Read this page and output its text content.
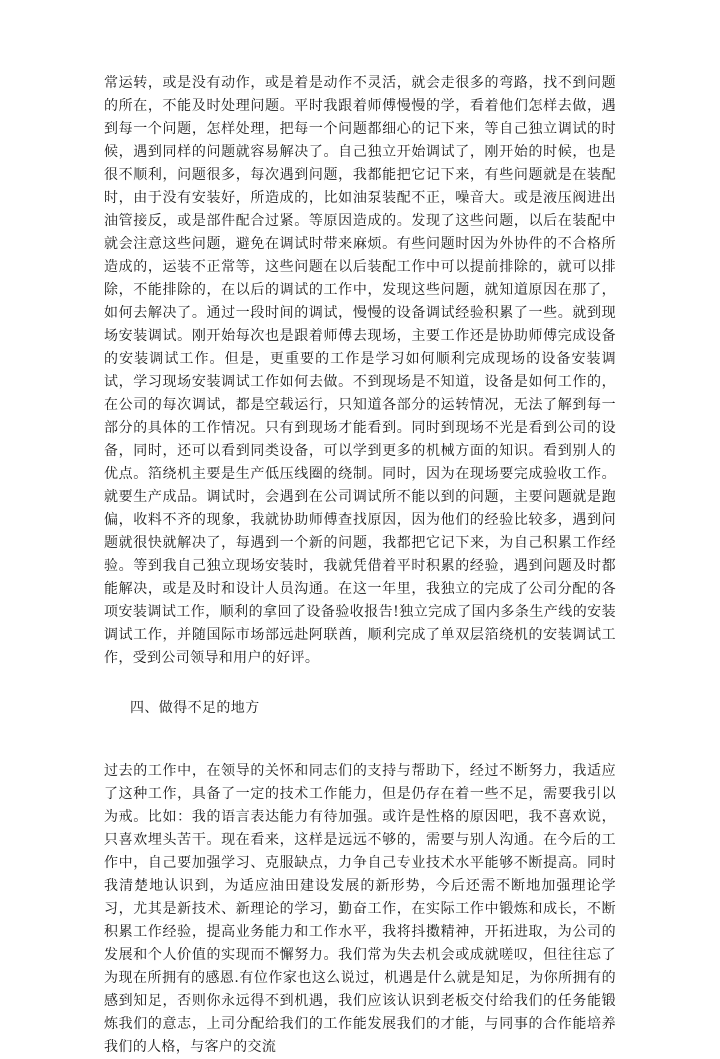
常运转，或是没有动作，或是着是动作不灵活，就会走很多的弯路，找不到问题的所在，不能及时处理问题。平时我跟着师傅慢慢的学，看着他们怎样去做，遇到每一个问题，怎样处理，把每一个问题都细心的记下来，等自己独立调试的时候，遇到同样的问题就容易解决了。自己独立开始调试了，刚开始的时候，也是很不顺利，问题很多，每次遇到问题，我都能把它记下来，有些问题就是在装配时，由于没有安装好，所造成的，比如油泵装配不正，噪音大。或是液压阀进出油管接反，或是部件配合过紧。等原因造成的。发现了这些问题，以后在装配中就会注意这些问题，避免在调试时带来麻烦。有些问题时因为外协件的不合格所造成的，运装不正常等，这些问题在以后装配工作中可以提前排除的，就可以排除，不能排除的，在以后的调试的工作中，发现这些问题，就知道原因在那了，如何去解决了。通过一段时间的调试，慢慢的设备调试经验积累了一些。就到现场安装调试。刚开始每次也是跟着师傅去现场，主要工作还是协助师傅完成设备的安装调试工作。但是，更重要的工作是学习如何顺利完成现场的设备安装调试，学习现场安装调试工作如何去做。不到现场是不知道，设备是如何工作的，在公司的每次调试，都是空载运行，只知道各部分的运转情况，无法了解到每一部分的具体的工作情况。只有到现场才能看到。同时到现场不光是看到公司的设备，同时，还可以看到同类设备，可以学到更多的机械方面的知识。看到别人的优点。箔绕机主要是生产低压线圈的绕制。同时，因为在现场要完成验收工作。就要生产成品。调试时，会遇到在公司调试所不能以到的问题，主要问题就是跑偏，收料不齐的现象，我就协助师傅查找原因，因为他们的经验比较多，遇到问题就很快就解决了，每遇到一个新的问题，我都把它记下来，为自己积累工作经验。等到我自己独立现场安装时，我就凭借着平时积累的经验，遇到问题及时都能解决，或是及时和设计人员沟通。在这一年里，我独立的完成了公司分配的各项安装调试工作，顺利的拿回了设备验收报告!独立完成了国内多条生产线的安装调试工作，并随国际市场部远赴阿联酋，顺利完成了单双层箔绕机的安装调试工作，受到公司领导和用户的好评。

四、做得不足的地方

过去的工作中，在领导的关怀和同志们的支持与帮助下，经过不断努力，我适应了这种工作，具备了一定的技术工作能力，但是仍存在着一些不足，需要我引以为戒。比如：我的语言表达能力有待加强。或许是性格的原因吧，我不喜欢说，只喜欢埋头苦干。现在看来，这样是远远不够的，需要与别人沟通。在今后的工作中，自己要加强学习、克服缺点，力争自己专业技术水平能够不断提高。同时我清楚地认识到，为适应油田建设发展的新形势，今后还需不断地加强理论学习，尤其是新技术、新理论的学习，勤奋工作，在实际工作中锻炼和成长，不断积累工作经验，提高业务能力和工作水平，我将抖擞精神，开拓进取，为公司的发展和个人价值的实现而不懈努力。我们常为失去机会或成就嗟叹，但往往忘了为现在所拥有的感恩.有位作家也这么说过，机遇是什么就是知足，为你所拥有的感到知足，否则你永远得不到机遇，我们应该认识到老板交付给我们的任务能锻炼我们的意志，上司分配给我们的工作能发展我们的才能，与同事的合作能培养我们的人格，与客户的交流
